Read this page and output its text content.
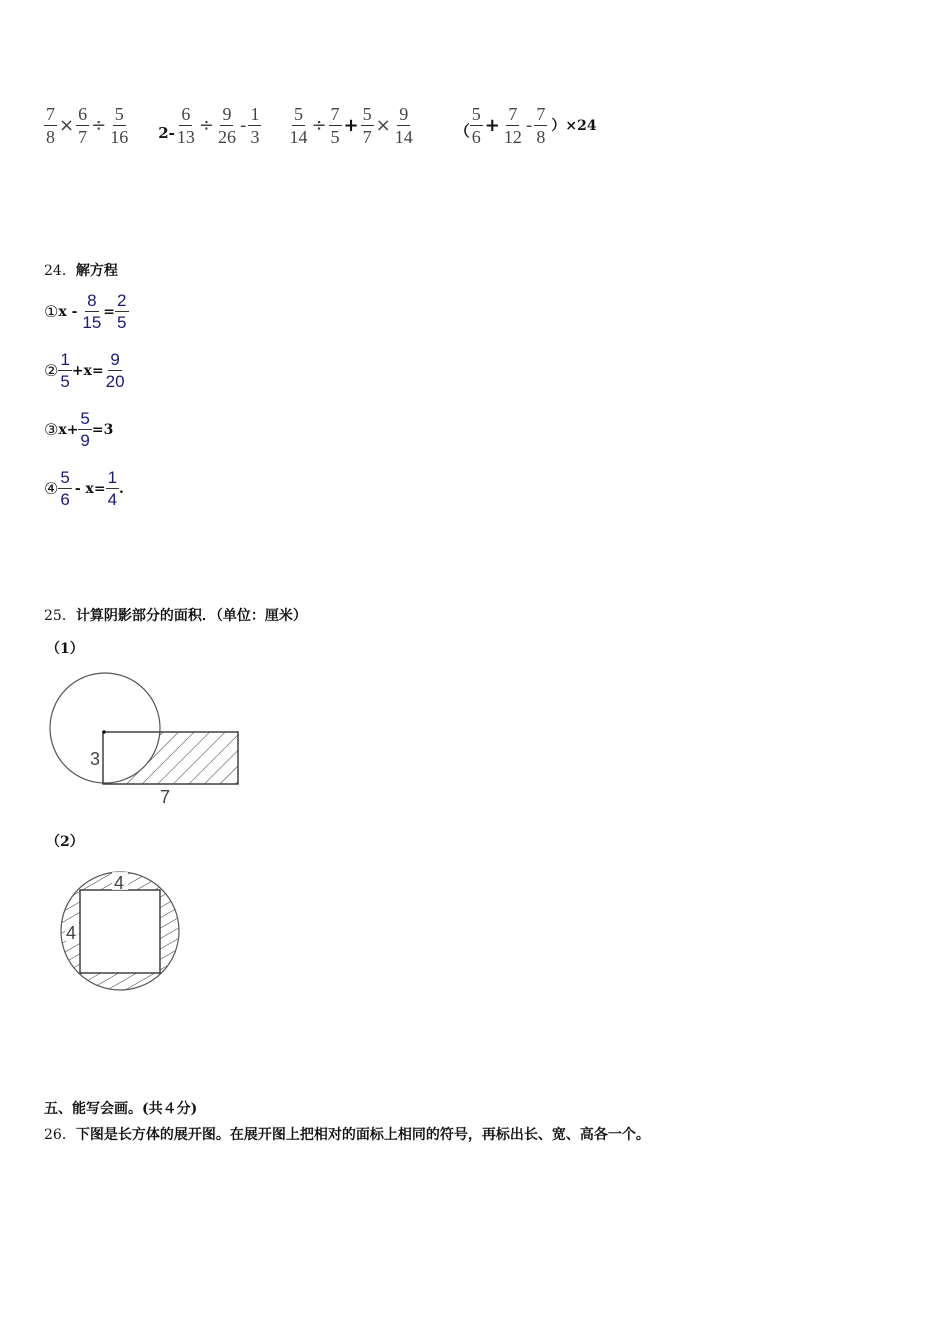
$\frac{7}{8} \times \frac{6}{7} \div \frac{5}{16} 2- \frac{6}{13} \div \frac{9}{26} - \frac{1}{3} \frac{5}{14} \div \frac{7}{5} + \frac{5}{7} \times \frac{9}{14}$	（ $\frac{5}{6} + \frac{7}{12} - \frac{7}{8} )\times 24$
24．解方程
① $x - \frac{8}{15} = \frac{2}{5}$
② $\frac{1}{5} +x= \frac{9}{20}$
③ $x+ \frac{5}{9} =3$
④ $\frac{5}{6} - x= \frac{1}{4}$ .
25．计算阴影部分的面积．（单位：厘米）
（1）
3
7
（2）
4
4
五、能写会画。(共４分)
26．下图是长方体的展开图。在展开图上把相对的面标上相同的符号，再标出长、宽、高各一个。
